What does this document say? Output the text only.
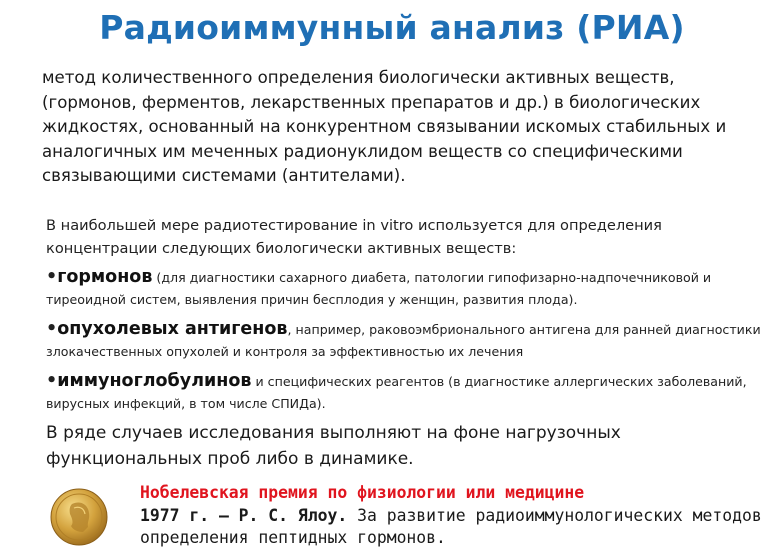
Радиоиммунный анализ (РИА)
метод количественного определения биологически активных веществ, (гормонов, ферментов, лекарственных препаратов и др.) в биологических жидкостях, основанный на конкурентном связывании искомых стабильных и аналогичных им меченных радионуклидом веществ со специфическими связывающими системами (антителами).
В наибольшей мере радиотестирование in vitro используется для определения концентрации следующих биологически активных веществ:
•гормонов (для диагностики сахарного диабета, патологии гипофизарно-надпочечниковой и тиреоидной систем, выявления причин бесплодия у женщин, развития плода).
•опухолевых антигенов, например, раковоэмбрионального антигена для ранней диагностики злокачественных опухолей и контроля за эффективностью их лечения
•иммуноглобулинов и специфических реагентов (в диагностике аллергических заболеваний, вирусных инфекций, в том числе СПИДа).
В ряде случаев исследования выполняют на фоне нагрузочных функциональных проб либо в динамике.
Нобелевская премия по физиологии или медицине
1977 г. – Р. С. Ялоу. За развитие радиоиммунологических методов определения пептидных гормонов.
